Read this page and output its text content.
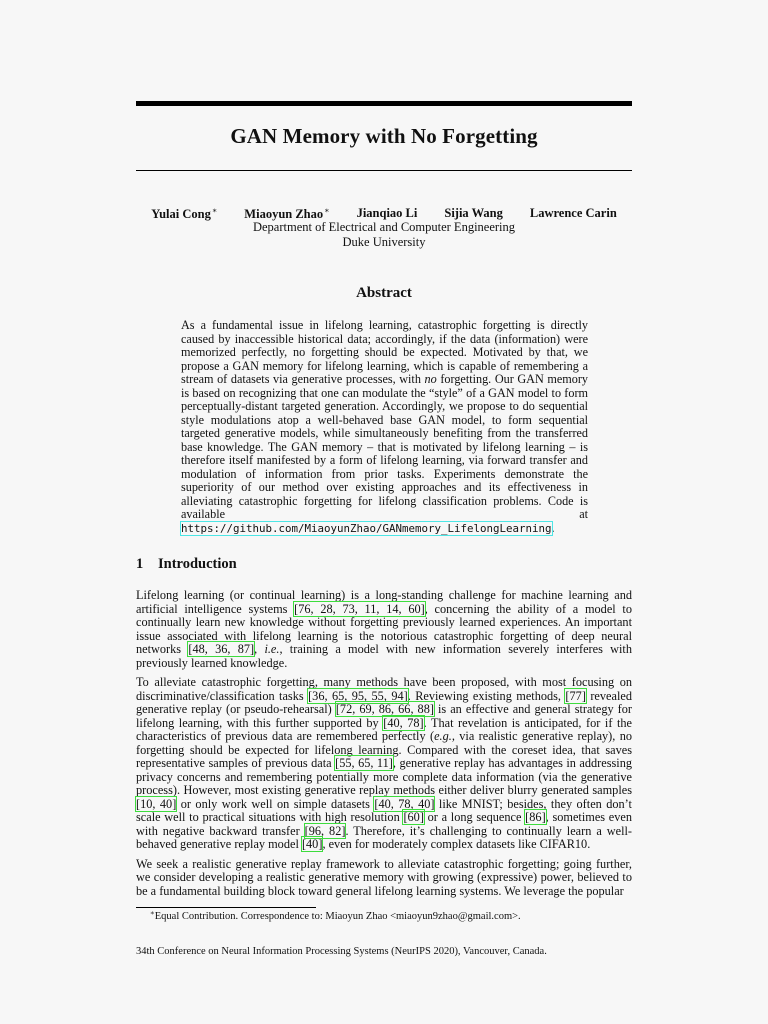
GAN Memory with No Forgetting
Yulai Cong∗ Miaoyun Zhao∗ Jianqiao Li Sijia Wang Lawrence Carin
Department of Electrical and Computer Engineering
Duke University
Abstract
As a fundamental issue in lifelong learning, catastrophic forgetting is directly caused by inaccessible historical data; accordingly, if the data (information) were memorized perfectly, no forgetting should be expected. Motivated by that, we propose a GAN memory for lifelong learning, which is capable of remembering a stream of datasets via generative processes, with no forgetting. Our GAN memory is based on recognizing that one can modulate the “style” of a GAN model to form perceptually-distant targeted generation. Accordingly, we propose to do sequential style modulations atop a well-behaved base GAN model, to form sequential targeted generative models, while simultaneously benefiting from the transferred base knowledge. The GAN memory – that is motivated by lifelong learning – is therefore itself manifested by a form of lifelong learning, via forward transfer and modulation of information from prior tasks. Experiments demonstrate the superiority of our method over existing approaches and its effectiveness in alleviating catastrophic forgetting for lifelong classification problems. Code is available at https://github.com/MiaoyunZhao/GANmemory_LifelongLearning.
1 Introduction

Lifelong learning (or continual learning) is a long-standing challenge for machine learning and artificial intelligence systems [76, 28, 73, 11, 14, 60], concerning the ability of a model to continually learn new knowledge without forgetting previously learned experiences. An important issue associated with lifelong learning is the notorious catastrophic forgetting of deep neural networks [48, 36, 87], i.e., training a model with new information severely interferes with previously learned knowledge.

To alleviate catastrophic forgetting, many methods have been proposed, with most focusing on discriminative/classification tasks [36, 65, 95, 55, 94]. Reviewing existing methods, [77] revealed generative replay (or pseudo-rehearsal) [72, 69, 86, 66, 88] is an effective and general strategy for lifelong learning, with this further supported by [40, 78]. That revelation is anticipated, for if the characteristics of previous data are remembered perfectly (e.g., via realistic generative replay), no forgetting should be expected for lifelong learning. Compared with the coreset idea, that saves representative samples of previous data [55, 65, 11], generative replay has advantages in addressing privacy concerns and remembering potentially more complete data information (via the generative process). However, most existing generative replay methods either deliver blurry generated samples [10, 40] or only work well on simple datasets [40, 78, 40] like MNIST; besides, they often don’t scale well to practical situations with high resolution [60] or a long sequence [86], sometimes even with negative backward transfer [96, 82]. Therefore, it’s challenging to continually learn a well-behaved generative replay model [40], even for moderately complex datasets like CIFAR10.

We seek a realistic generative replay framework to alleviate catastrophic forgetting; going further, we consider developing a realistic generative memory with growing (expressive) power, believed to be a fundamental building block toward general lifelong learning systems. We leverage the popular

∗Equal Contribution. Correspondence to: Miaoyun Zhao <miaoyun9zhao@gmail.com>.
34th Conference on Neural Information Processing Systems (NeurIPS 2020), Vancouver, Canada.
